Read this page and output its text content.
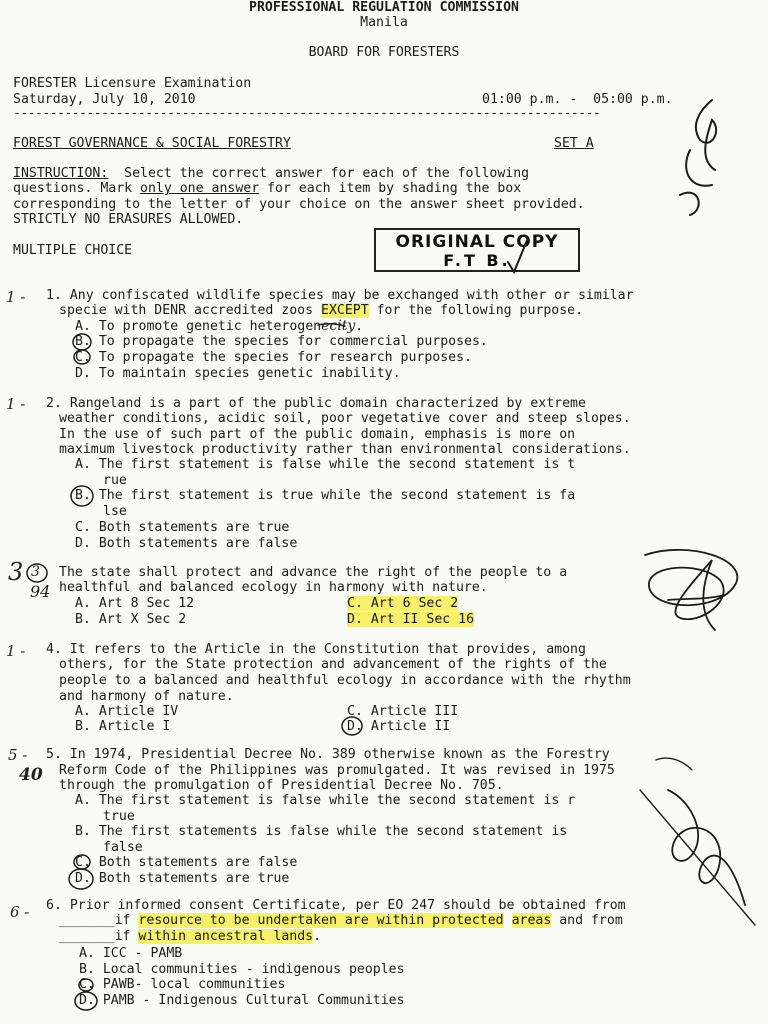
PROFESSIONAL REGULATION COMMISSION
Manila
BOARD FOR FORESTERS
FORESTER Licensure Examination
Saturday, July 10, 2010	01:00 p.m. -  05:00 p.m.
--------------------------------------------------------------------------------
FOREST GOVERNANCE & SOCIAL FORESTRY	SET A
INSTRUCTION:  Select the correct answer for each of the following
questions. Mark only one answer for each item by shading the box
corresponding to the letter of your choice on the answer sheet provided.
STRICTLY NO ERASURES ALLOWED.
MULTIPLE CHOICE	ORIGINAL COPY
F.T B.
1. Any confiscated wildlife species may be exchanged with other or similar
specie with DENR accredited zoos EXCEPT for the following purpose.
A. To promote genetic heterogenecity.
B. To propagate the species for commercial purposes.
C. To propagate the species for research purposes.
D. To maintain species genetic inability.
2. Rangeland is a part of the public domain characterized by extreme
weather conditions, acidic soil, poor vegetative cover and steep slopes.
In the use of such part of the public domain, emphasis is more on
maximum livestock productivity rather than environmental considerations.
A. The first statement is false while the second statement is t
rue
B. The first statement is true while the second statement is fa
lse
C. Both statements are true
D. Both statements are false
The state shall protect and advance the right of the people to a
healthful and balanced ecology in harmony with nature.
A. Art 8 Sec 12
B. Art X Sec 2
C. Art 6 Sec 2
D. Art II Sec 16
4. It refers to the Article in the Constitution that provides, among
others, for the State protection and advancement of the rights of the
people to a balanced and healthful ecology in accordance with the rhythm
and harmony of nature.
A. Article IV
B. Article I
C. Article III
D. Article II
5. In 1974, Presidential Decree No. 389 otherwise known as the Forestry
Reform Code of the Philippines was promulgated. It was revised in 1975
through the promulgation of Presidential Decree No. 705.
A. The first statement is false while the second statement is r
true
B. The first statements is false while the second statement is
false
C. Both statements are false
D. Both statements are true
6. Prior informed consent Certificate, per EO 247 should be obtained from
_______if resource to be undertaken are within protected areas and from
_______if within ancestral lands.
A. ICC - PAMB
B. Local communities - indigenous peoples
C. PAWB- local communities
D. PAMB - Indigenous Cultural Communities
1 -
1 -
3 3
94
1 -
5 -
40
6 -
